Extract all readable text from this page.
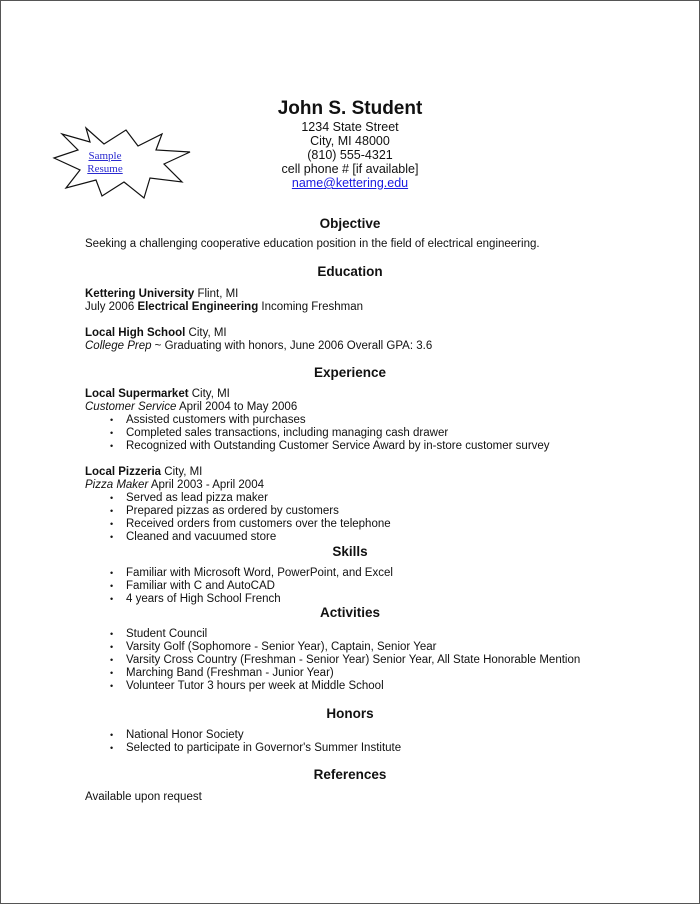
Sample
Resume
John S. Student
1234 State Street
City, MI 48000
(810) 555-4321
cell phone # [if available]
name@kettering.edu
Objective
Seeking a challenging cooperative education position in the field of electrical engineering.
Education
Kettering University Flint, MI
July 2006 Electrical Engineering Incoming Freshman
Local High School City, MI
College Prep ~ Graduating with honors, June 2006 Overall GPA: 3.6
Experience
Local Supermarket City, MI
Customer Service April 2004 to May 2006
• Assisted customers with purchases
• Completed sales transactions, including managing cash drawer
• Recognized with Outstanding Customer Service Award by in-store customer survey
Local Pizzeria City, MI
Pizza Maker April 2003 - April 2004
• Served as lead pizza maker
• Prepared pizzas as ordered by customers
• Received orders from customers over the telephone
• Cleaned and vacuumed store
Skills
• Familiar with Microsoft Word, PowerPoint, and Excel
• Familiar with C and AutoCAD
• 4 years of High School French
Activities
• Student Council
• Varsity Golf (Sophomore - Senior Year), Captain, Senior Year
• Varsity Cross Country (Freshman - Senior Year) Senior Year, All State Honorable Mention
• Marching Band (Freshman - Junior Year)
• Volunteer Tutor 3 hours per week at Middle School
Honors
• National Honor Society
• Selected to participate in Governor's Summer Institute
References
Available upon request
